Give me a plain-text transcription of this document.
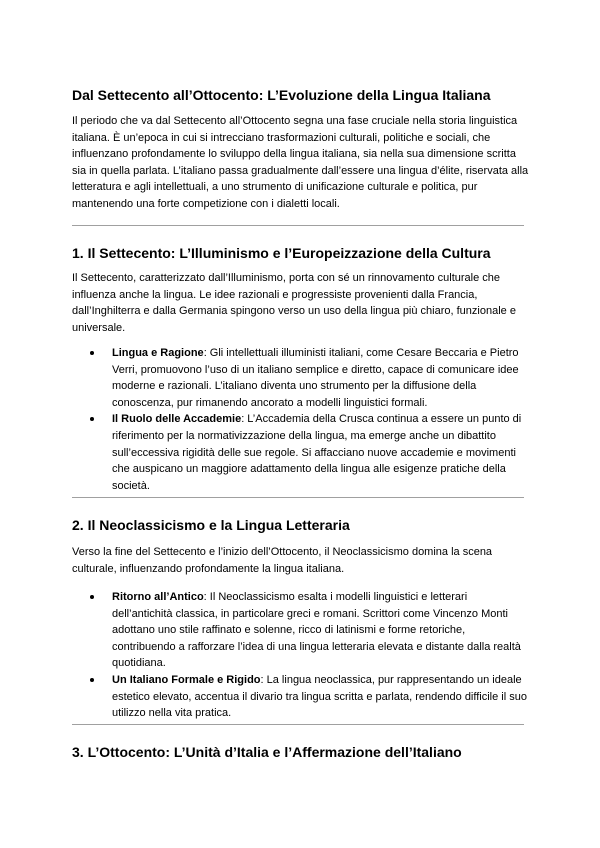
Dal Settecento all’Ottocento: L’Evoluzione della Lingua Italiana

Il periodo che va dal Settecento all’Ottocento segna una fase cruciale nella storia linguistica italiana. È un’epoca in cui si intrecciano trasformazioni culturali, politiche e sociali, che influenzano profondamente lo sviluppo della lingua italiana, sia nella sua dimensione scritta sia in quella parlata. L’italiano passa gradualmente dall’essere una lingua d’élite, riservata alla letteratura e agli intellettuali, a uno strumento di unificazione culturale e politica, pur mantenendo una forte competizione con i dialetti locali.

1. Il Settecento: L’Illuminismo e l’Europeizzazione della Cultura

Il Settecento, caratterizzato dall’Illuminismo, porta con sé un rinnovamento culturale che influenza anche la lingua. Le idee razionali e progressiste provenienti dalla Francia, dall’Inghilterra e dalla Germania spingono verso un uso della lingua più chiaro, funzionale e universale.

Lingua e Ragione: Gli intellettuali illuministi italiani, come Cesare Beccaria e Pietro Verri, promuovono l’uso di un italiano semplice e diretto, capace di comunicare idee moderne e razionali. L’italiano diventa uno strumento per la diffusione della conoscenza, pur rimanendo ancorato a modelli linguistici formali.
Il Ruolo delle Accademie: L’Accademia della Crusca continua a essere un punto di riferimento per la normativizzazione della lingua, ma emerge anche un dibattito sull’eccessiva rigidità delle sue regole. Si affacciano nuove accademie e movimenti che auspicano un maggiore adattamento della lingua alle esigenze pratiche della società.
2. Il Neoclassicismo e la Lingua Letteraria

Verso la fine del Settecento e l’inizio dell’Ottocento, il Neoclassicismo domina la scena culturale, influenzando profondamente la lingua italiana.

Ritorno all’Antico: Il Neoclassicismo esalta i modelli linguistici e letterari dell’antichità classica, in particolare greci e romani. Scrittori come Vincenzo Monti adottano uno stile raffinato e solenne, ricco di latinismi e forme retoriche, contribuendo a rafforzare l’idea di una lingua letteraria elevata e distante dalla realtà quotidiana.
Un Italiano Formale e Rigido: La lingua neoclassica, pur rappresentando un ideale estetico elevato, accentua il divario tra lingua scritta e parlata, rendendo difficile il suo utilizzo nella vita pratica.
3. L’Ottocento: L’Unità d’Italia e l’Affermazione dell’Italiano
